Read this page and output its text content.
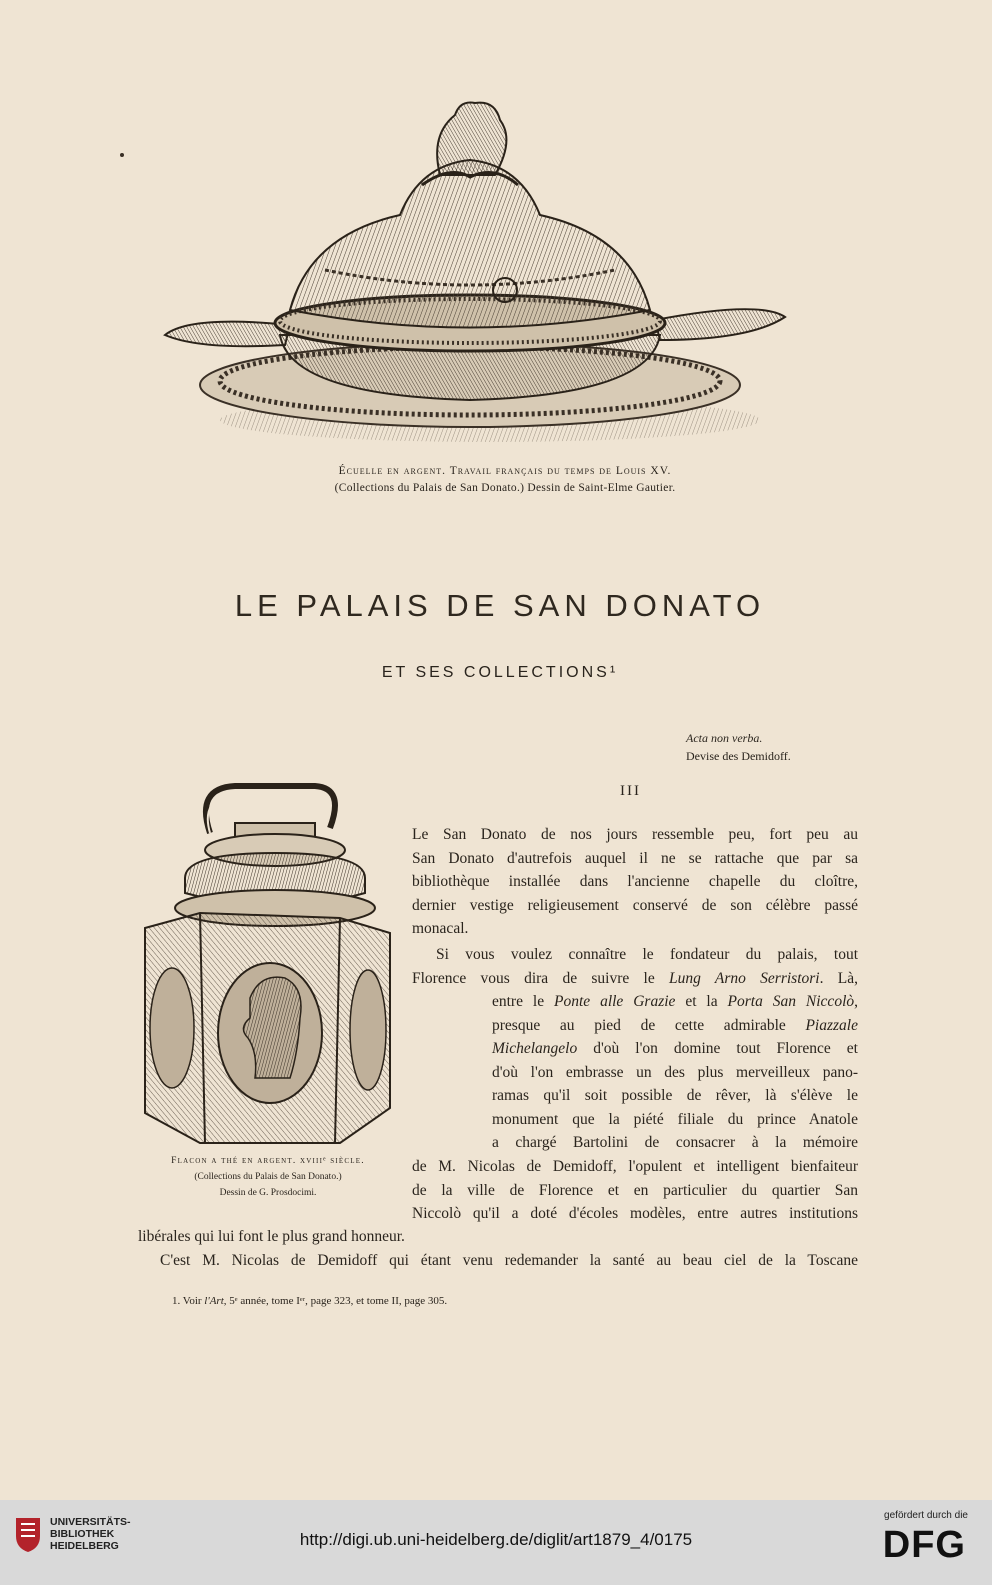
Écuelle en argent. Travail français du temps de Louis XV.
(Collections du Palais de San Donato.) Dessin de Saint-Elme Gautier.
LE PALAIS DE SAN DONATO
ET SES COLLECTIONS¹
Acta non verba.
Devise des Demidoff.
III
Flacon a thé en argent. xviiiᵉ siècle.
(Collections du Palais de San Donato.)
Dessin de G. Prosdocimi.
Le San Donato de nos jours ressemble peu, fort peu au
San Donato d'autrefois auquel il ne se rattache que par sa
bibliothèque installée dans l'ancienne chapelle du cloître,
dernier vestige religieusement conservé de son célèbre passé
monacal.
Si vous voulez connaître le fondateur du palais, tout
Florence vous dira de suivre le Lung Arno Serristori. Là,
entre le Ponte alle Grazie et la Porta San Niccolò,
presque au pied de cette admirable Piazzale
Michelangelo d'où l'on domine tout Florence et
d'où l'on embrasse un des plus merveilleux pano-
ramas qu'il soit possible de rêver, là s'élève le
monument que la piété filiale du prince Anatole
a chargé Bartolini de consacrer à la mémoire
de M. Nicolas de Demidoff, l'opulent et intelligent bienfaiteur
de la ville de Florence et en particulier du quartier San
Niccolò qu'il a doté d'écoles modèles, entre autres institutions
libérales qui lui font le plus grand honneur.
C'est M. Nicolas de Demidoff qui étant venu redemander la santé au beau ciel de la Toscane
1. Voir l'Art, 5ᵉ année, tome Iᵉʳ, page 323, et tome II, page 305.
UNIVERSITÄTS-
BIBLIOTHEK
HEIDELBERG	http://digi.ub.uni-heidelberg.de/diglit/art1879_4/0175
gefördert durch die
DFG
